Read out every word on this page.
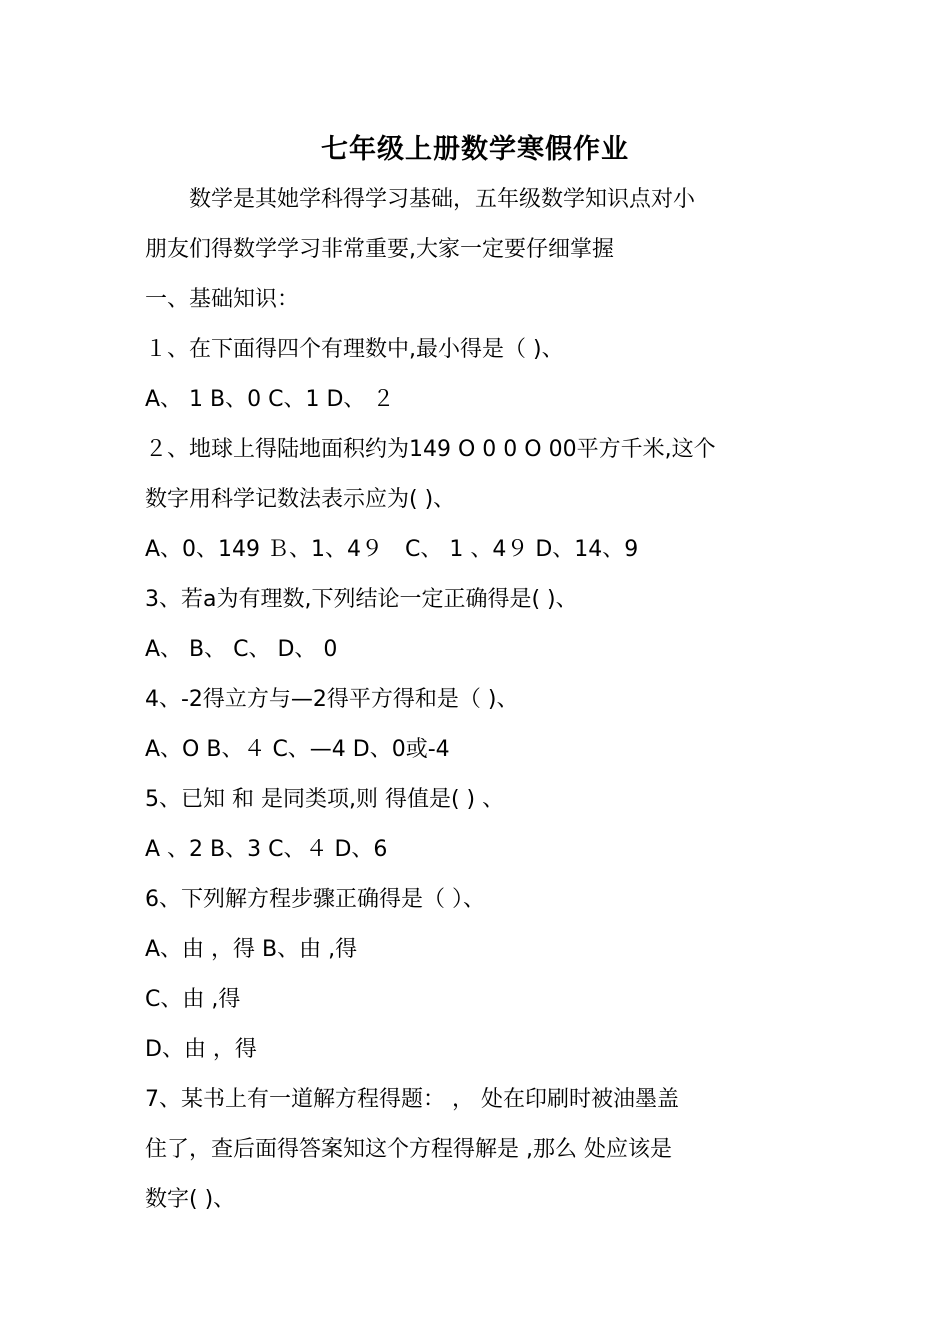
七年级上册数学寒假作业
　　数学是其她学科得学习基础，五年级数学知识点对小
朋友们得数学学习非常重要,大家一定要仔细掌握
一、基础知识：
１、在下面得四个有理数中,最小得是（ )、
A、 1 B、0 C、1 D、 ２
２、地球上得陆地面积约为149 O 0 0 O 00平方千米,这个
数字用科学记数法表示应为( )、
A、0、149 Ｂ、1、4９　C、 1 、4９ D、14、9
3、若a为有理数,下列结论一定正确得是( )、
A、 B、 C、 D、 0
4、-2得立方与—2得平方得和是（ )、
A、O B、４ C、—4 D、0或-4
5、已知 和 是同类项,则 得值是( ) 、
A 、2 B、3 C、４ D、6
6、下列解方程步骤正确得是（ ）、
A、由 ，得 B、由 ,得
C、由 ,得
D、由 ，得
7、某书上有一道解方程得题： ， 处在印刷时被油墨盖
住了，查后面得答案知这个方程得解是 ,那么 处应该是
数字( )、
